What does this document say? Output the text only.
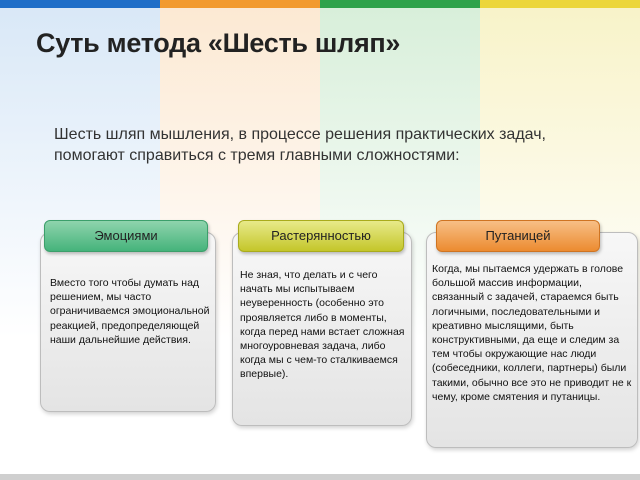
Суть метода «Шесть шляп»
Шесть шляп мышления, в процессе решения практических задач, помогают справиться с тремя главными сложностями:
Эмоциями
Вместо того чтобы думать над решением, мы часто ограничиваемся эмоциональной реакцией, предопределяющей наши дальнейшие действия.
Растерянностью
Не зная, что делать и с чего начать мы испытываем неуверенность (особенно это проявляется либо в моменты, когда перед нами встает сложная многоуровневая задача, либо когда мы с чем-то сталкиваемся впервые).
Путаницей
Когда, мы пытаемся удержать в голове большой массив информации, связанный с задачей, стараемся быть логичными, последовательными и креативно мыслящими, быть конструктивными, да еще и следим за тем чтобы окружающие нас люди (собеседники, коллеги, партнеры) были такими, обычно все это не приводит не к чему, кроме смятения и путаницы.
